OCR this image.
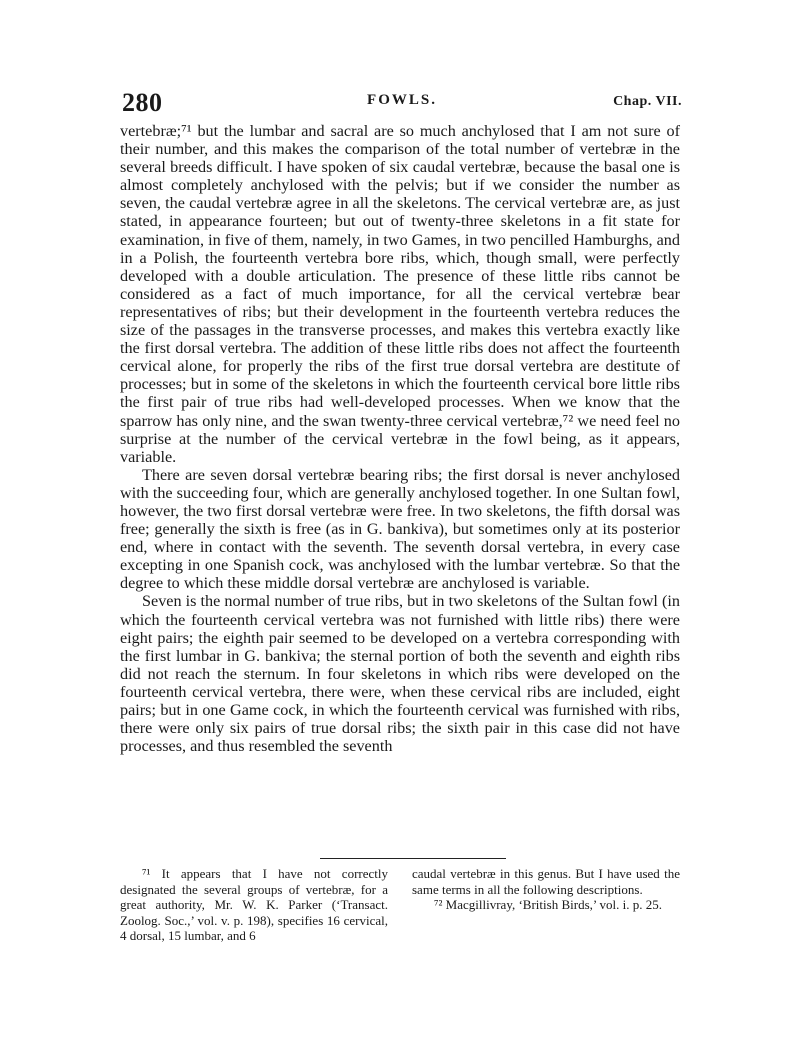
280	FOWLS.	Chap. VII.

vertebræ;⁷¹ but the lumbar and sacral are so much anchylosed that I am not sure of their number, and this makes the comparison of the total number of vertebræ in the several breeds difficult. I have spoken of six caudal vertebræ, because the basal one is almost completely anchylosed with the pelvis; but if we consider the number as seven, the caudal vertebræ agree in all the skeletons. The cervical vertebræ are, as just stated, in appearance fourteen; but out of twenty-three skeletons in a fit state for examination, in five of them, namely, in two Games, in two pencilled Hamburghs, and in a Polish, the fourteenth vertebra bore ribs, which, though small, were perfectly developed with a double articulation. The presence of these little ribs cannot be considered as a fact of much importance, for all the cervical vertebræ bear representatives of ribs; but their development in the fourteenth vertebra reduces the size of the passages in the transverse processes, and makes this vertebra exactly like the first dorsal vertebra. The addition of these little ribs does not affect the fourteenth cervical alone, for properly the ribs of the first true dorsal vertebra are destitute of processes; but in some of the skeletons in which the fourteenth cervical bore little ribs the first pair of true ribs had well-developed processes. When we know that the sparrow has only nine, and the swan twenty-three cervical vertebræ,⁷² we need feel no surprise at the number of the cervical vertebræ in the fowl being, as it appears, variable.

There are seven dorsal vertebræ bearing ribs; the first dorsal is never anchylosed with the succeeding four, which are generally anchylosed together. In one Sultan fowl, however, the two first dorsal vertebræ were free. In two skeletons, the fifth dorsal was free; generally the sixth is free (as in G. bankiva), but sometimes only at its posterior end, where in contact with the seventh. The seventh dorsal vertebra, in every case excepting in one Spanish cock, was anchylosed with the lumbar vertebræ. So that the degree to which these middle dorsal vertebræ are anchylosed is variable.

Seven is the normal number of true ribs, but in two skeletons of the Sultan fowl (in which the fourteenth cervical vertebra was not furnished with little ribs) there were eight pairs; the eighth pair seemed to be developed on a vertebra corresponding with the first lumbar in G. bankiva; the sternal portion of both the seventh and eighth ribs did not reach the sternum. In four skeletons in which ribs were developed on the fourteenth cervical vertebra, there were, when these cervical ribs are included, eight pairs; but in one Game cock, in which the fourteenth cervical was furnished with ribs, there were only six pairs of true dorsal ribs; the sixth pair in this case did not have processes, and thus resembled the seventh

⁷¹ It appears that I have not correctly designated the several groups of vertebræ, for a great authority, Mr. W. K. Parker (‘Transact. Zoolog. Soc.,’ vol. v. p. 198), specifies 16 cervical, 4 dorsal, 15 lumbar, and 6

caudal vertebræ in this genus. But I have used the same terms in all the following descriptions.

⁷² Macgillivray, ‘British Birds,’ vol. i. p. 25.
